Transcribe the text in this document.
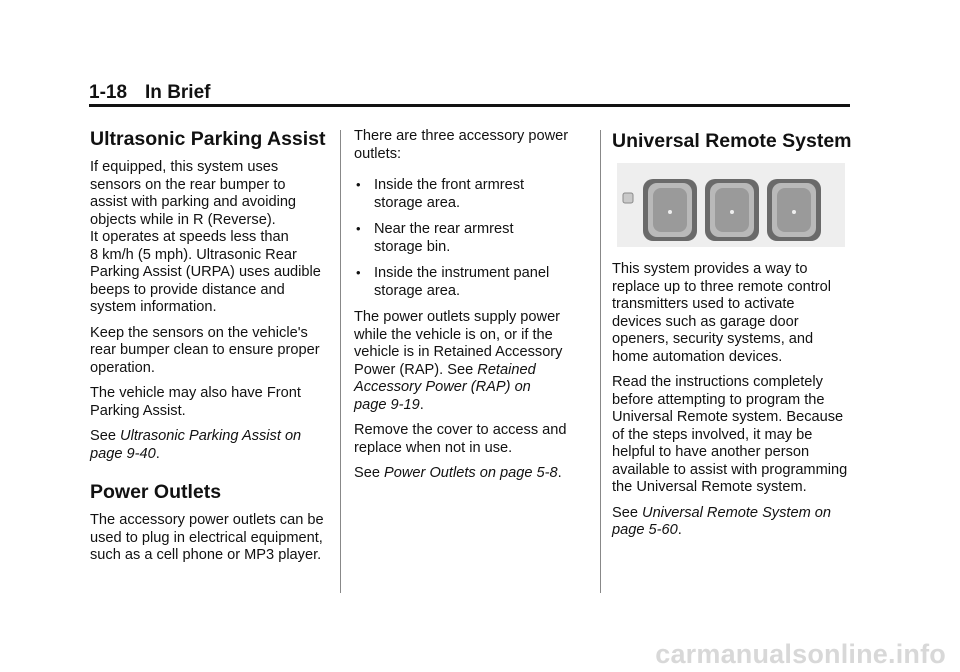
1-18 In Brief
Ultrasonic Parking Assist

If equipped, this system uses
sensors on the rear bumper to
assist with parking and avoiding
objects while in R (Reverse).
It operates at speeds less than
8 km/h (5 mph). Ultrasonic Rear
Parking Assist (URPA) uses audible
beeps to provide distance and
system information.

Keep the sensors on the vehicle's
rear bumper clean to ensure proper
operation.

The vehicle may also have Front
Parking Assist.

See Ultrasonic Parking Assist on
page 9-40.

Power Outlets

The accessory power outlets can be
used to plug in electrical equipment,
such as a cell phone or MP3 player.

There are three accessory power
outlets:

• Inside the front armrest
storage area.
• Near the rear armrest
storage bin.
• Inside the instrument panel
storage area.

The power outlets supply power
while the vehicle is on, or if the
vehicle is in Retained Accessory
Power (RAP). See Retained
Accessory Power (RAP) on
page 9-19.

Remove the cover to access and
replace when not in use.

See Power Outlets on page 5-8.

Universal Remote System

This system provides a way to
replace up to three remote control
transmitters used to activate
devices such as garage door
openers, security systems, and
home automation devices.

Read the instructions completely
before attempting to program the
Universal Remote system. Because
of the steps involved, it may be
helpful to have another person
available to assist with programming
the Universal Remote system.

See Universal Remote System on
page 5-60.

carmanualsonline.info
